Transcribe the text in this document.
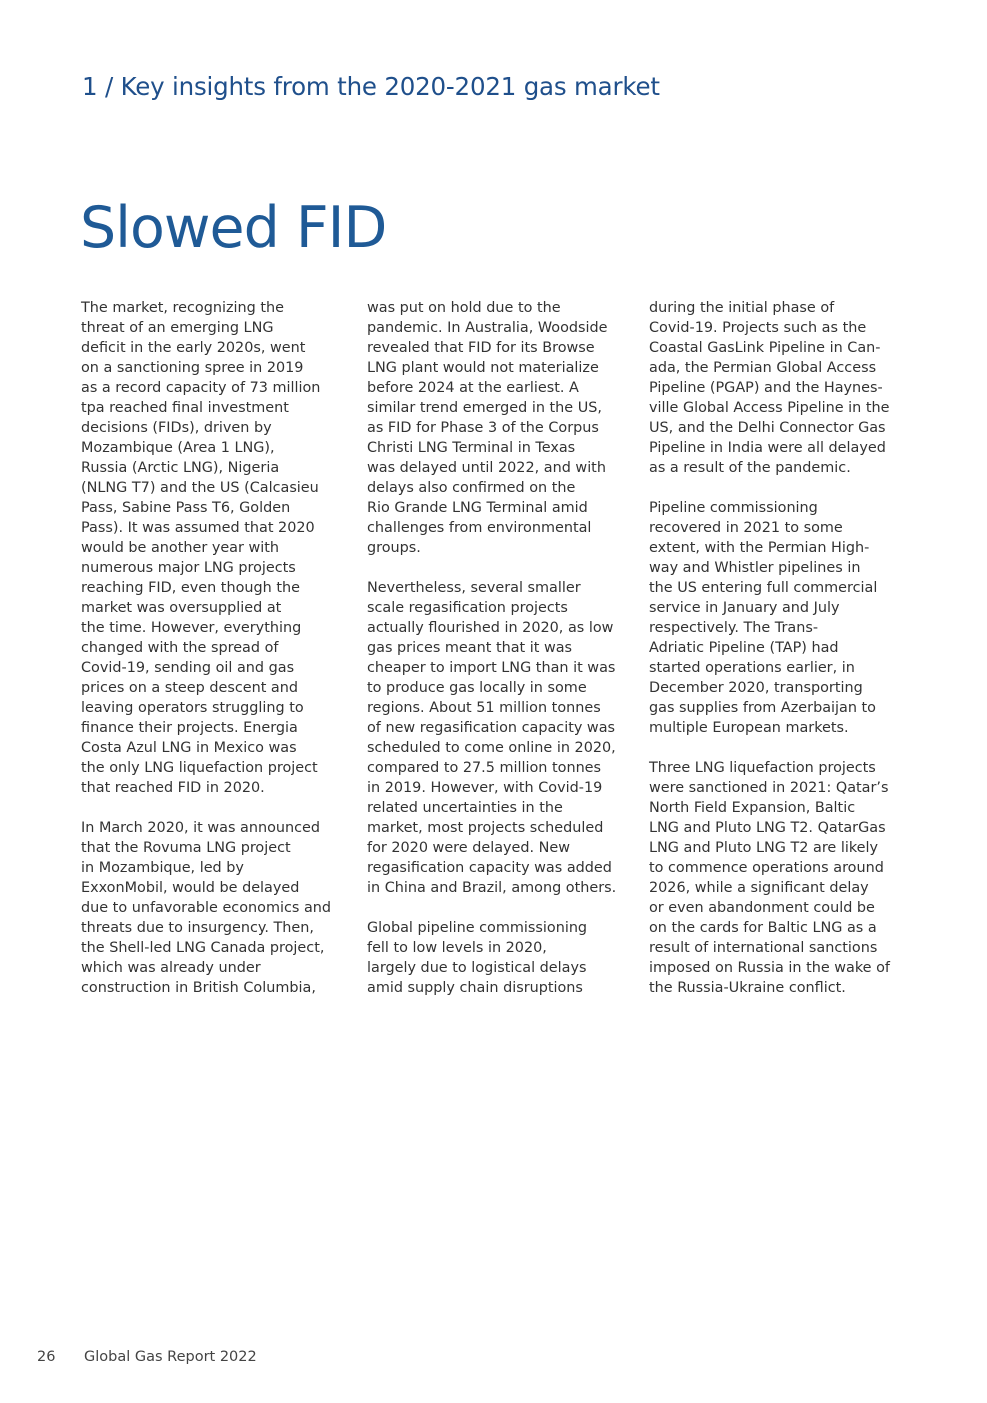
1 / Key insights from the 2020-2021 gas market
Slowed FID
The market, recognizing the
threat of an emerging LNG
deficit in the early 2020s, went
on a sanctioning spree in 2019
as a record capacity of 73 million
tpa reached final investment
decisions (FIDs), driven by
Mozambique (Area 1 LNG),
Russia (Arctic LNG), Nigeria
(NLNG T7) and the US (Calcasieu
Pass, Sabine Pass T6, Golden
Pass). It was assumed that 2020
would be another year with
numerous major LNG projects
reaching FID, even though the
market was oversupplied at
the time. However, everything
changed with the spread of
Covid-19, sending oil and gas
prices on a steep descent and
leaving operators struggling to
finance their projects. Energia
Costa Azul LNG in Mexico was
the only LNG liquefaction project
that reached FID in 2020.
In March 2020, it was announced
that the Rovuma LNG project
in Mozambique, led by
ExxonMobil, would be delayed
due to unfavorable economics and
threats due to insurgency. Then,
the Shell-led LNG Canada project,
which was already under
construction in British Columbia,
was put on hold due to the
pandemic. In Australia, Woodside
revealed that FID for its Browse
LNG plant would not materialize
before 2024 at the earliest. A
similar trend emerged in the US,
as FID for Phase 3 of the Corpus
Christi LNG Terminal in Texas
was delayed until 2022, and with
delays also confirmed on the
Rio Grande LNG Terminal amid
challenges from environmental
groups.
Nevertheless, several smaller
scale regasification projects
actually flourished in 2020, as low
gas prices meant that it was
cheaper to import LNG than it was
to produce gas locally in some
regions. About 51 million tonnes
of new regasification capacity was
scheduled to come online in 2020,
compared to 27.5 million tonnes
in 2019. However, with Covid-19
related uncertainties in the
market, most projects scheduled
for 2020 were delayed. New
regasification capacity was added
in China and Brazil, among others.
Global pipeline commissioning
fell to low levels in 2020,
largely due to logistical delays
amid supply chain disruptions
during the initial phase of
Covid-19. Projects such as the
Coastal GasLink Pipeline in Can-
ada, the Permian Global Access
Pipeline (PGAP) and the Haynes-
ville Global Access Pipeline in the
US, and the Delhi Connector Gas
Pipeline in India were all delayed
as a result of the pandemic.
Pipeline commissioning
recovered in 2021 to some
extent, with the Permian High-
way and Whistler pipelines in
the US entering full commercial
service in January and July
respectively. The Trans-
Adriatic Pipeline (TAP) had
started operations earlier, in
December 2020, transporting
gas supplies from Azerbaijan to
multiple European markets.
Three LNG liquefaction projects
were sanctioned in 2021: Qatar’s
North Field Expansion, Baltic
LNG and Pluto LNG T2. QatarGas
LNG and Pluto LNG T2 are likely
to commence operations around
2026, while a significant delay
or even abandonment could be
on the cards for Baltic LNG as a
result of international sanctions
imposed on Russia in the wake of
the Russia-Ukraine conflict.
26 Global Gas Report 2022
